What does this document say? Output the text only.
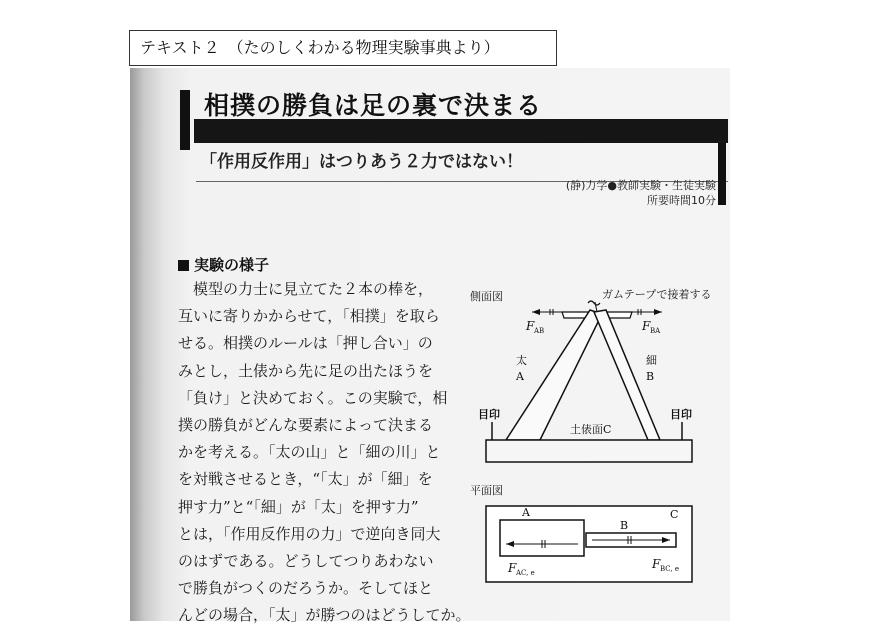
テキスト２　（たのしくわかる物理実験事典より）
相撲の勝負は足の裏で決まる
「作用反作用」はつりあう２力ではない！
(静)力学●教師実験・生徒実験
所要時間10分
実験の様子
模型の力士に見立てた２本の棒を，
互いに寄りかからせて，「相撲」を取ら
せる。相撲のルールは「押し合い」の
みとし，土俵から先に足の出たほうを
「負け」と決めておく。この実験で，相
撲の勝負がどんな要素によって決まる
かを考える。「太の山」と「細の川」と
を対戦させるとき，“「太」が「細」を
押す力”と“「細」が「太」を押す力”
とは，「作用反作用の力」で逆向き同大
のはずである。どうしてつりあわない
で勝負がつくのだろうか。そしてほと
んどの場合，「太」が勝つのはどうしてか。
側面図	ガムテープで接着する
F AB	F BA
太
A
細
B
土俵面C
目印	目印
平面図
A
B
C
F AC, e
F BC, e
